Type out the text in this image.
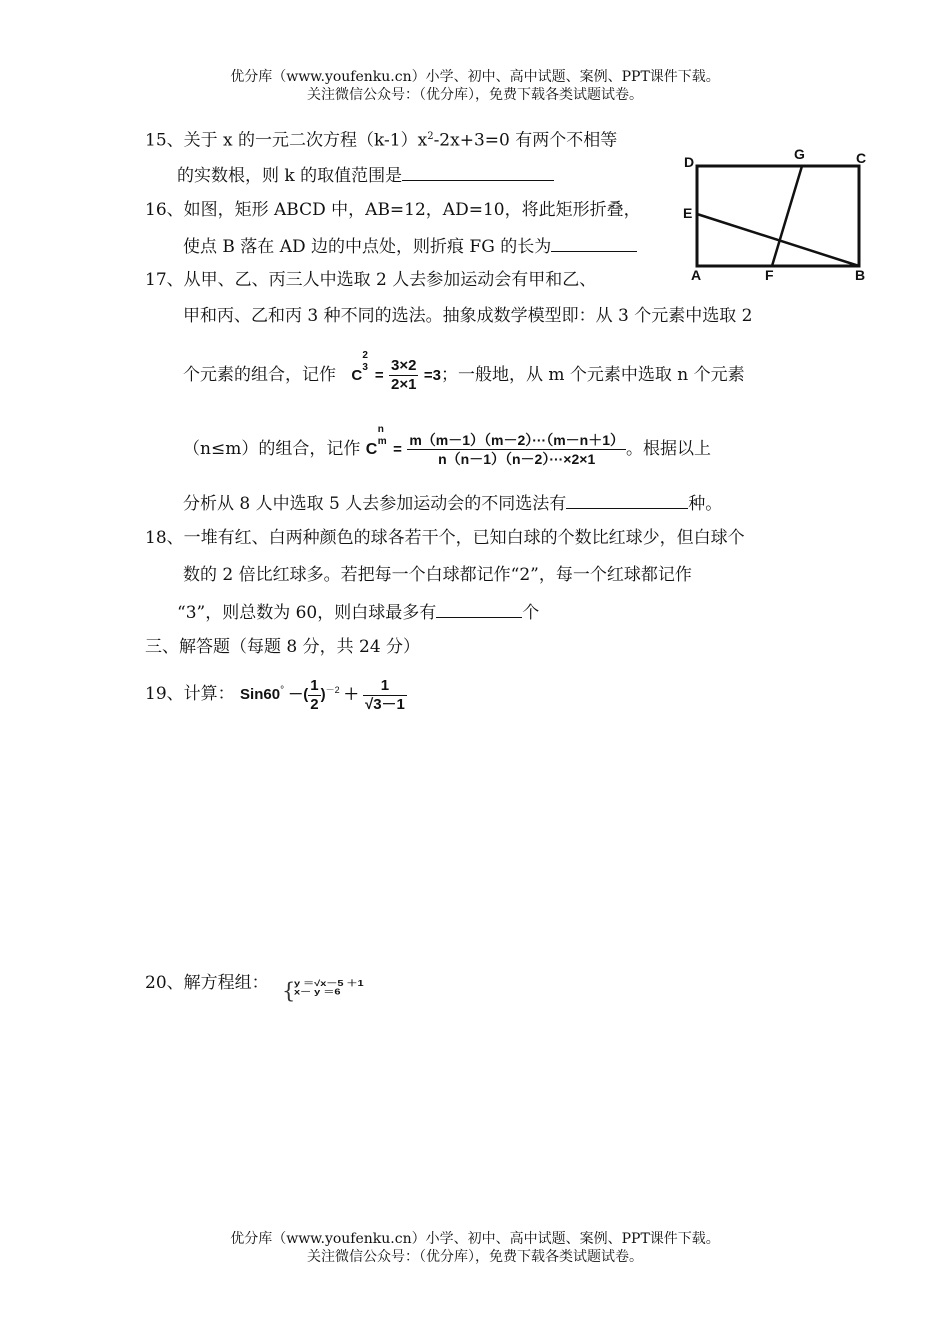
优分库（www.youfenku.cn）小学、初中、高中试题、案例、PPT课件下载。
关注微信公众号：（优分库），免费下载各类试题试卷。
15、关于 x 的一元二次方程$(k-1)x^2-2x+3=0$ 有两个不相等
的实数根，则 k 的取值范围是
16、如图，矩形 ABCD 中，AB=12，AD=10，将此矩形折叠，
使点 B 落在 AD 边的中点处，则折痕 FG 的长为
D	G	C
E
A	F	B
17、从甲、乙、丙三人中选取 2 人去参加运动会有甲和乙、
甲和丙、乙和丙 3 种不同的选法。抽象成数学模型即：从 3 个元素中选取 2
个元素的组合，记作 C
2
$3 = \frac{3\times 2}{2\times 1} =3$；一般地，从 m 个元素中选取 n 个元素
（n≤m）的组合，记作 C
n
$m = \frac{m(m-1)(m-2)\cdot\cdot\cdot(m-n+1)}{n(n-1)(n-2)\cdot\cdot\cdot\times 2\times 1}$ 。根据以上
分析从 8 人中选取 5 人去参加运动会的不同选法有	种。
18、一堆有红、白两种颜色的球各若干个，已知白球的个数比红球少，但白球个
数的 2 倍比红球多。若把每一个白球都记作“2”，每一个红球都记作
“3”，则总数为 60，则白球最多有	个
三、解答题（每题 8 分，共 24 分）
19、计算： Sin60° －( $\frac{1}{2} )^{-2} + \frac{1}{√3-1}$
20、解方程组： {
y ＝√x－5 ＋1
x－ y ＝6
优分库（www.youfenku.cn）小学、初中、高中试题、案例、PPT课件下载。
关注微信公众号：（优分库），免费下载各类试题试卷。
